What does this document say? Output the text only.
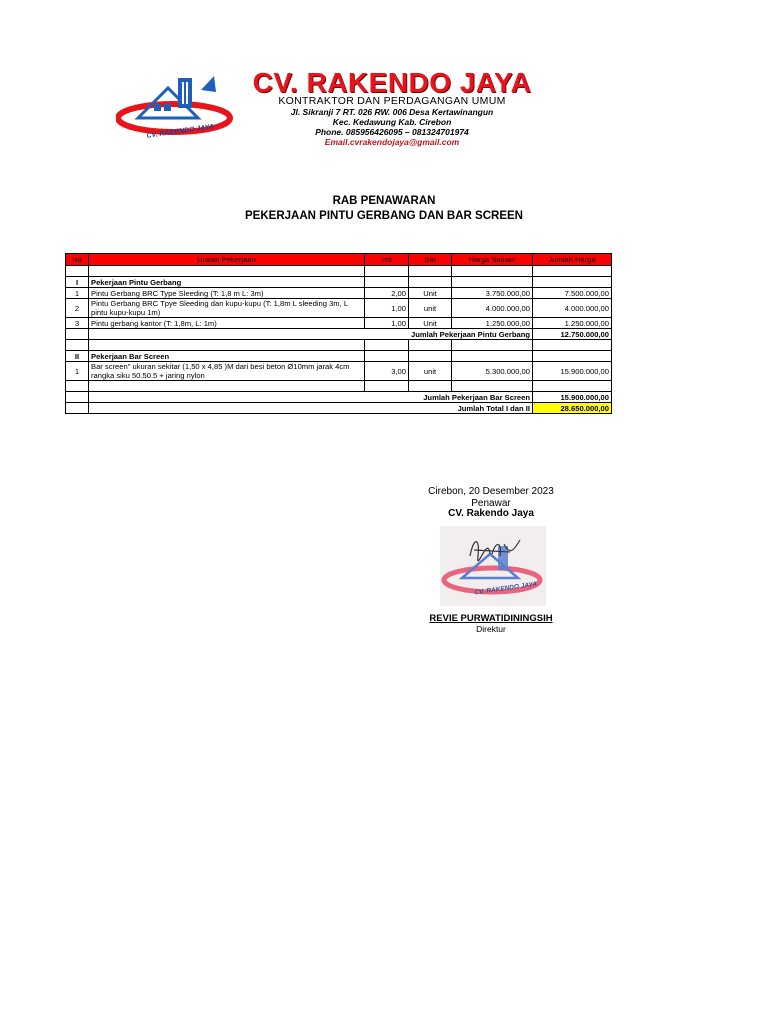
CV. RAKENDO JAYA
CV. RAKENDO JAYA
KONTRAKTOR DAN PERDAGANGAN UMUM
Jl. Sikranji 7 RT. 026 RW. 006 Desa Kertawinangun
Kec. Kedawung Kab. Cirebon
Phone. 085956426095 – 081324701974
Email.cvrakendojaya@gmail.com
RAB PENAWARAN
PEKERJAAN PINTU GERBANG DAN BAR SCREEN
No	Uraian Pekerjaan	Vol	Sat	Harga Satuan	Jumlah Harga

I	Pekerjaan Pintu Gerbang				
1	Pintu Gerbang BRC Type Sleeding (T: 1,8 m L: 3m)	2,00	Unit	3.750.000,00	7.500.000,00
2	Pintu Gerbang BRC Tpye Sleeding dan kupu-kupu (T: 1,8m L sleeding 3m, L pintu kupu-kupu 1m)	1,00	unit	4.000.000,00	4.000.000,00
3	Pintu gerbang kantor (T: 1,8m, L: 1m)	1,00	Unit	1.250.000,00	1.250.000,00
	Jumlah Pekerjaan Pintu Gerbang				12.750.000,00

II	Pekerjaan Bar Screen				
1	Bar screen" ukuran sekitar (1,50 x 4,85 )M dari besi beton Ø10mm jarak 4cm rangka siku 50.50.5 + jaring nylon	3,00	unit	5.300.000,00	15.900.000,00

	Jumlah Pekerjaan Bar Screen				15.900.000,00
	Jumlah Total I dan II				28.650.000,00
Cirebon, 20 Desember 2023
Penawar
CV. Rakendo Jaya
CV. RAKENDO JAYA
REVIE PURWATIDININGSIH
Direktur
